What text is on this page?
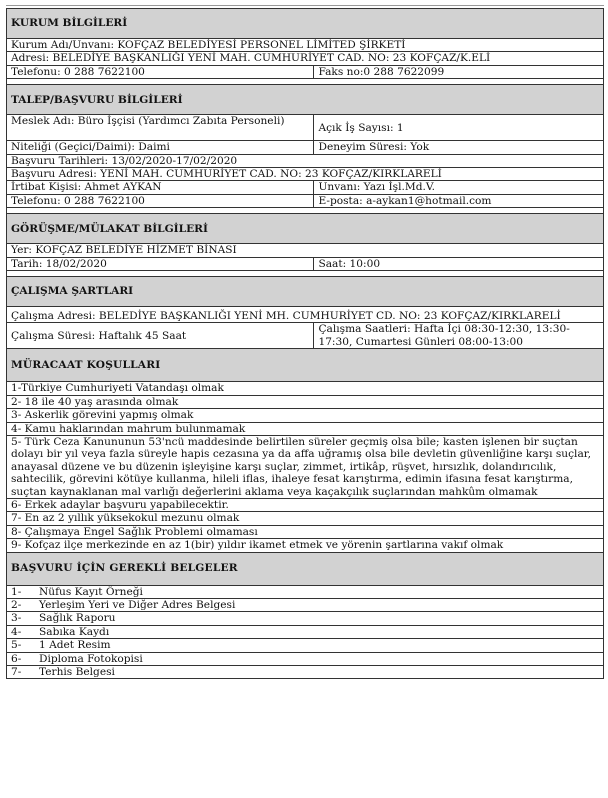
KURUM BİLGİLERİ	
Kurum Adı/Unvanı: KOFÇAZ BELEDİYESİ PERSONEL LİMİTED ŞİRKETİ	
Adresi: BELEDİYE BAŞKANLIĞI YENİ MAH. CUMHURİYET CAD. NO: 23 KOFÇAZ/K.ELİ	
Telefonu: 0 288 7622100	Faks no:0 288 7622099

TALEP/BAŞVURU BİLGİLERİ	
Meslek Adı: Büro İşçisi (Yardımcı Zabıta Personeli)	Açık İş Sayısı: 1
Niteliği (Geçici/Daimi): Daimi	Deneyim Süresi: Yok
Başvuru Tarihleri: 13/02/2020-17/02/2020	
Başvuru Adresi: YENİ MAH. CUMHURİYET CAD. NO: 23 KOFÇAZ/KIRKLARELİ	
İrtibat Kişisi: Ahmet AYKAN	Unvanı: Yazı İşl.Md.V.
Telefonu: 0 288 7622100	E-posta: a-aykan1@hotmail.com

GÖRÜŞME/MÜLAKAT BİLGİLERİ	
Yer: KOFÇAZ BELEDİYE HİZMET BİNASI	
Tarih: 18/02/2020	Saat: 10:00

ÇALIŞMA ŞARTLARI	
Çalışma Adresi: BELEDİYE BAŞKANLIĞI YENİ MH. CUMHURİYET CD. NO: 23 KOFÇAZ/KIRKLARELİ	
Çalışma Süresi: Haftalık 45 Saat	Çalışma Saatleri: Hafta İçi 08:30-12:30, 13:30-17:30, Cumartesi Günleri 08:00-13:00
MÜRACAAT KOŞULLARI	
1-Türkiye Cumhuriyeti Vatandaşı olmak	
2- 18 ile 40 yaş arasında olmak	
3- Askerlik görevini yapmış olmak	
4- Kamu haklarından mahrum bulunmamak	
5- Türk Ceza Kanununun 53'ncü maddesinde belirtilen süreler geçmiş olsa bile; kasten işlenen bir suçtan dolayı bir yıl veya fazla süreyle hapis cezasına ya da affa uğramış olsa bile devletin güvenliğine karşı suçlar, anayasal düzene ve bu düzenin işleyişine karşı suçlar, zimmet, irtikâp, rüşvet, hırsızlık, dolandırıcılık, sahtecilik, görevini kötüye kullanma, hileli iflas, ihaleye fesat karıştırma, edimin ifasına fesat karıştırma, suçtan kaynaklanan mal varlığı değerlerini aklama veya kaçakçılık suçlarından mahkûm olmamak	
6- Erkek adaylar başvuru yapabilecektir.	
7- En az 2 yıllık yüksekokul mezunu olmak	
8- Çalışmaya Engel Sağlık Problemi olmaması	
9- Kofçaz ilçe merkezinde en az 1(bir) yıldır ikamet etmek ve yörenin şartlarına vakıf olmak	
BAŞVURU İÇİN GEREKLİ BELGELER	
1- Nüfus Kayıt Örneği	
2- Yerleşim Yeri ve Diğer Adres Belgesi	
3- Sağlık Raporu	
4- Sabıka Kaydı	
5- 1 Adet Resim	
6- Diploma Fotokopisi	
7- Terhis Belgesi	
